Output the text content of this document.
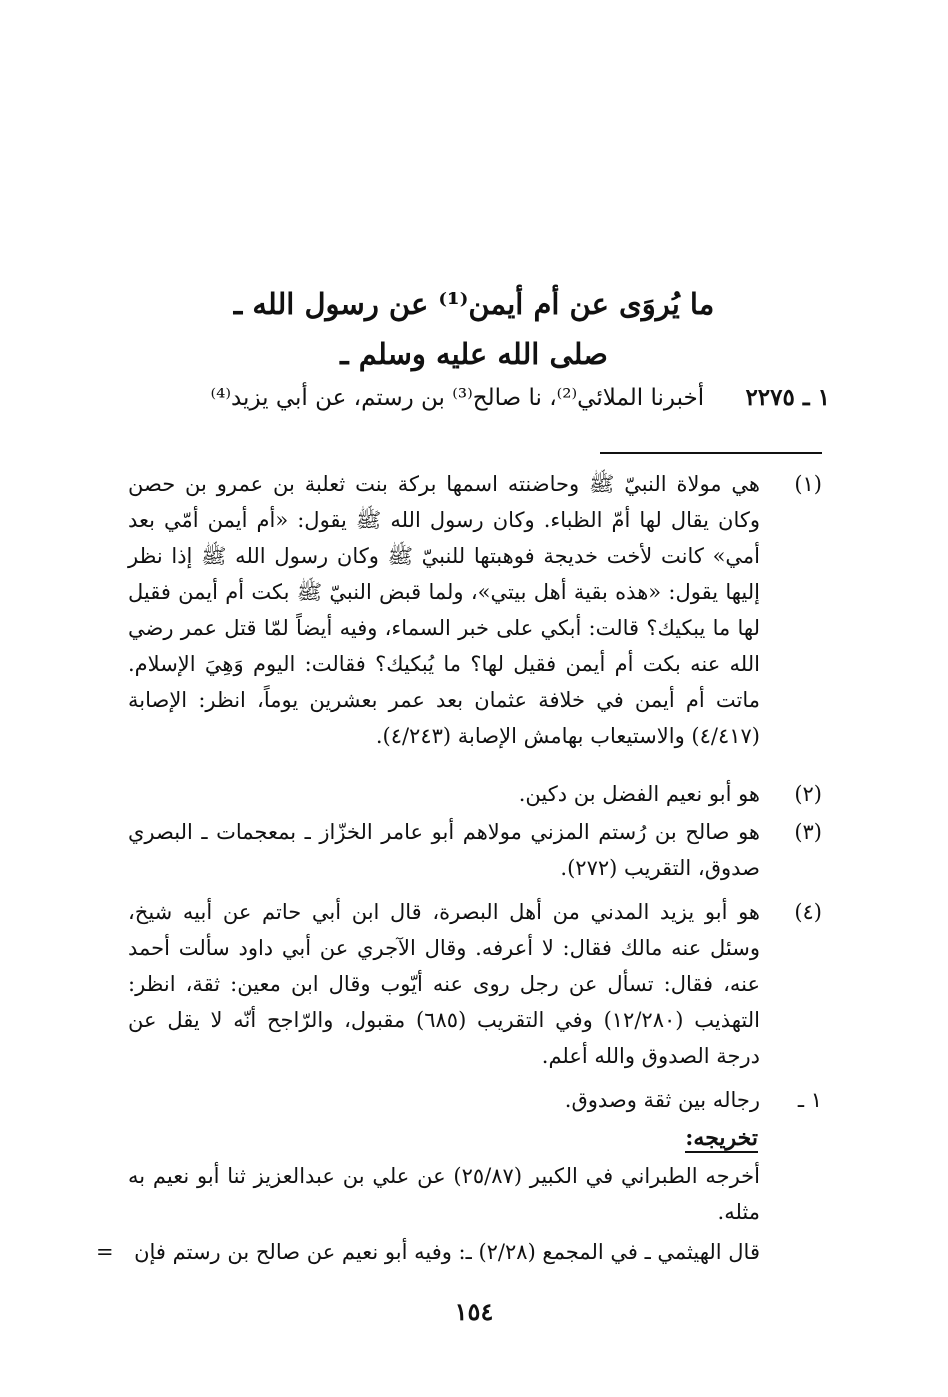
ما يُروَى عن أم أيمن⁽¹⁾ عن رسول الله ـ
صلى الله عليه وسلم ـ
١ ـ ٢٢٧٥ أخبرنا الملائي⁽²⁾، نا صالح⁽³⁾ بن رستم، عن أبي يزيد⁽⁴⁾
(١)
هي مولاة النبيّ ﷺ وحاضنته اسمها بركة بنت ثعلبة بن عمرو بن حصن وكان يقال لها أمّ الظباء. وكان رسول الله ﷺ يقول: «أم أيمن أمّي بعد أمي» كانت لأخت خديجة فوهبتها للنبيّ ﷺ وكان رسول الله ﷺ إذا نظر إليها يقول: «هذه بقية أهل بيتي»، ولما قبض النبيّ ﷺ بكت أم أيمن فقيل لها ما يبكيك؟ قالت: أبكي على خبر السماء، وفيه أيضاً لمّا قتل عمر رضي الله عنه بكت أم أيمن فقيل لها؟ ما يُبكيك؟ فقالت: اليوم وَهِيَ الإسلام. ماتت أم أيمن في خلافة عثمان بعد عمر بعشرين يوماً، انظر: الإصابة (٤/٤١٧) والاستيعاب بهامش الإصابة (٤/٢٤٣).
(٢)
هو أبو نعيم الفضل بن دكين.
(٣)
هو صالح بن رُستم المزني مولاهم أبو عامر الخزّاز ـ بمعجمات ـ البصري صدوق، التقريب (٢٧٢).
(٤)
هو أبو يزيد المدني من أهل البصرة، قال ابن أبي حاتم عن أبيه شيخ، وسئل عنه مالك فقال: لا أعرفه. وقال الآجري عن أبي داود سألت أحمد عنه، فقال: تسأل عن رجل روى عنه أيّوب وقال ابن معين: ثقة، انظر: التهذيب (١٢/٢٨٠) وفي التقريب (٦٨٥) مقبول، والرّاجح أنّه لا يقل عن درجة الصدوق والله أعلم.
١ ـ
رجاله بين ثقة وصدوق.
تخريجه:
أخرجه الطبراني في الكبير (٢٥/٨٧) عن علي بن عبدالعزيز ثنا أبو نعيم به مثله.
قال الهيثمي ـ في المجمع (٢/٢٨) ـ: وفيه أبو نعيم عن صالح بن رستم فإن
=
١٥٤
